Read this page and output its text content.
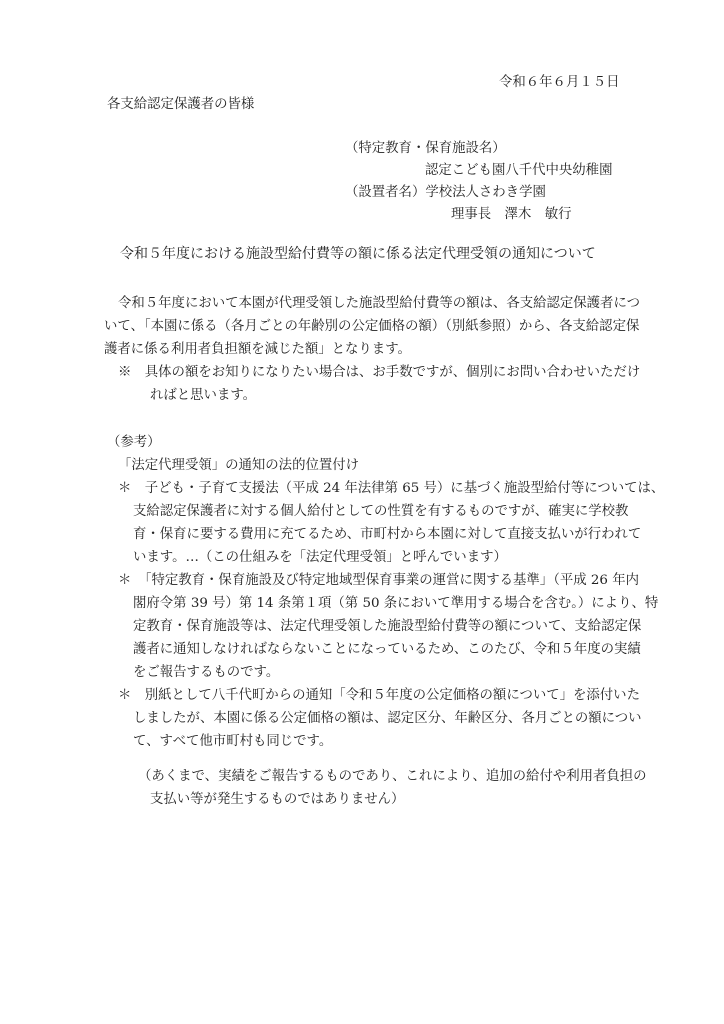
令和６年６月１５日
各支給認定保護者の皆様
（特定教育・保育施設名）
認定こども園八千代中央幼稚園
（設置者名）学校法人さわき学園
理事長　澤木　敏行
令和５年度における施設型給付費等の額に係る法定代理受領の通知について
令和５年度において本園が代理受領した施設型給付費等の額は、各支給認定保護者につ
いて、「本園に係る（各月ごとの年齢別の公定価格の額）（別紙参照）から、各支給認定保
護者に係る利用者負担額を減じた額」となります。
※　具体の額をお知りになりたい場合は、お手数ですが、個別にお問い合わせいただけ
ればと思います。
（参考）
「法定代理受領」の通知の法的位置付け
＊　子ども・子育て支援法（平成 24 年法律第 65 号）に基づく施設型給付等については、
支給認定保護者に対する個人給付としての性質を有するものですが、確実に学校教
育・保育に要する費用に充てるため、市町村から本園に対して直接支払いが行われて
います。…（この仕組みを「法定代理受領」と呼んでいます）
＊　「特定教育・保育施設及び特定地域型保育事業の運営に関する基準」（平成 26 年内
閣府令第 39 号）第 14 条第１項（第 50 条において準用する場合を含む。）により、特
定教育・保育施設等は、法定代理受領した施設型給付費等の額について、支給認定保
護者に通知しなければならないことになっているため、このたび、令和５年度の実績
をご報告するものです。
＊　別紙として八千代町からの通知「令和５年度の公定価格の額について」を添付いた
しましたが、本園に係る公定価格の額は、認定区分、年齢区分、各月ごとの額につい
て、すべて他市町村も同じです。
（あくまで、実績をご報告するものであり、これにより、追加の給付や利用者負担の
支払い等が発生するものではありません）
